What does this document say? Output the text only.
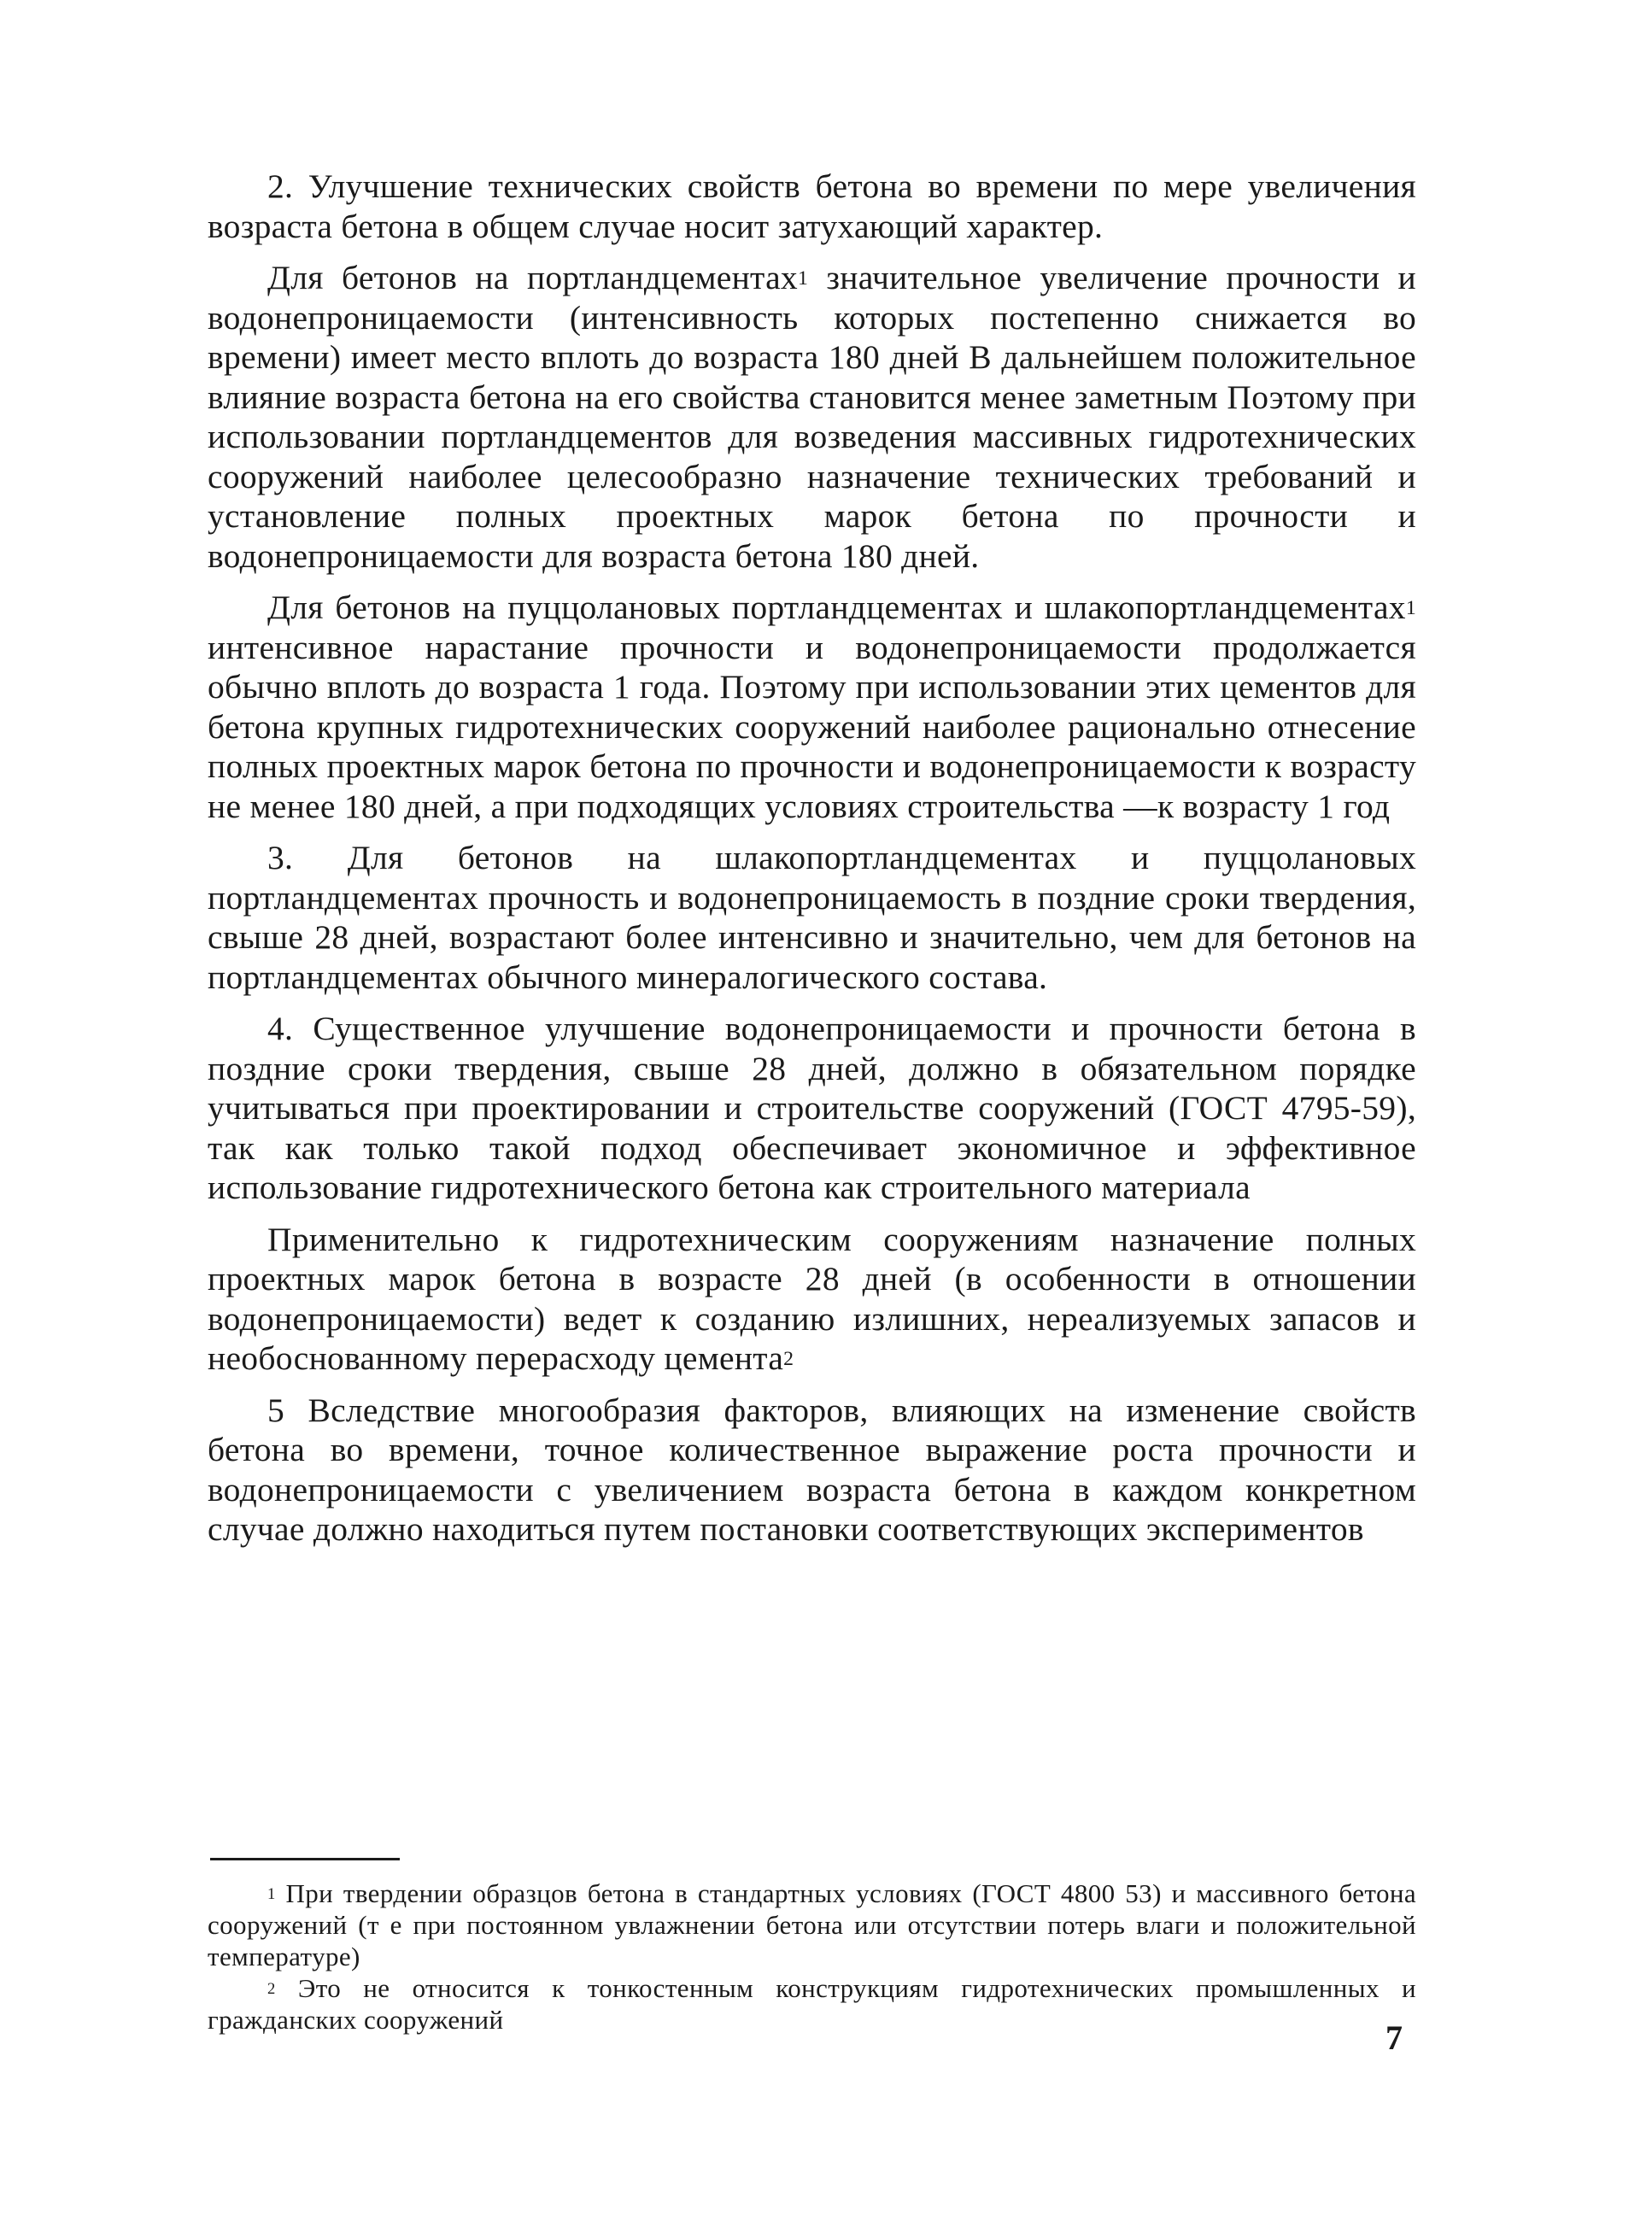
2. Улучшение технических свойств бетона во времени по мере увеличения возраста бетона в общем случае носит затухающий характер.

Для бетонов на портландцементах$^1$ значительное увеличение прочности и водонепроницаемости (интенсивность которых постепенно снижается во времени) имеет место вплоть до возраста 180 дней В дальнейшем положительное влияние возраста бетона на его свойства становится менее заметным Поэтому при использовании портландцементов для возведения массивных гидротехнических сооружений наиболее целесообразно назначение технических требований и установление полных проектных марок бетона по прочности и водонепроницаемости для возраста бетона 180 дней.

Для бетонов на пуццолановых портландцементах и шлакопортландцементах$^1$ интенсивное нарастание прочности и водонепроницаемости продолжается обычно вплоть до возраста 1 года. Поэтому при использовании этих цементов для бетона крупных гидротехнических сооружений наиболее рационально отнесение полных проектных марок бетона по прочности и водонепроницаемости к возрасту не менее 180 дней, а при подходящих условиях строительства —к возрасту 1 год

3. Для бетонов на шлакопортландцементах и пуццолановых портландцементах прочность и водонепроницаемость в поздние сроки твердения, свыше 28 дней, возрастают более интенсивно и значительно, чем для бетонов на портландцементах обычного минералогического состава.

4. Существенное улучшение водонепроницаемости и прочности бетона в поздние сроки твердения, свыше 28 дней, должно в обязательном порядке учитываться при проектировании и строительстве сооружений (ГОСТ 4795-59), так как только такой подход обеспечивает экономичное и эффективное использование гидротехнического бетона как строительного материала

Применительно к гидротехническим сооружениям назначение полных проектных марок бетона в возрасте 28 дней (в особенности в отношении водонепроницаемости) ведет к созданию излишних, нереализуемых запасов и необоснованному перерасходу цемента$^2$

5 Вследствие многообразия факторов, влияющих на изменение свойств бетона во времени, точное количественное выражение роста прочности и водонепроницаемости с увеличением возраста бетона в каждом конкретном случае должно находиться путем постановки соответствующих экспериментов

$^1$ При твердении образцов бетона в стандартных условиях (ГОСТ 4800 53) и массивного бетона сооружений (т е при постоянном увлажнении бетона или отсутствии потерь влаги и положительной температуре)

$^2$ Это не относится к тонкостенным конструкциям гидротехнических промышленных и гражданских сооружений	7
